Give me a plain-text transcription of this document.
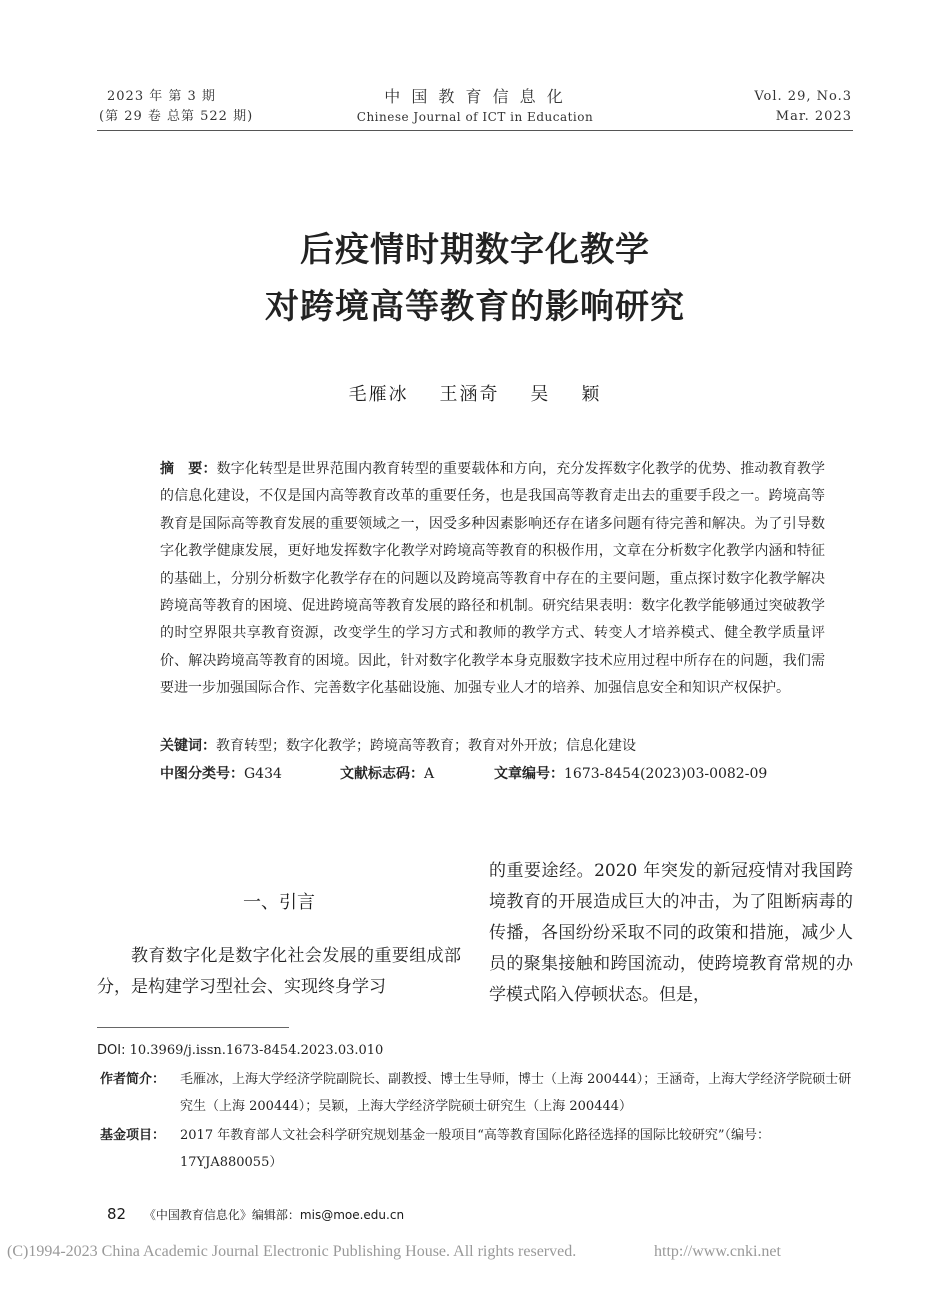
2023 年 第 3 期
(第 29 卷 总第 522 期)
中 国 教 育 信 息 化
Chinese Journal of ICT in Education
Vol. 29, No.3
Mar. 2023
后疫情时期数字化教学
对跨境高等教育的影响研究
毛雁冰    王涵奇    吴    颖
摘　要：数字化转型是世界范围内教育转型的重要载体和方向，充分发挥数字化教学的优势、推动教育教学的信息化建设，不仅是国内高等教育改革的重要任务，也是我国高等教育走出去的重要手段之一。跨境高等教育是国际高等教育发展的重要领域之一，因受多种因素影响还存在诸多问题有待完善和解决。为了引导数字化教学健康发展，更好地发挥数字化教学对跨境高等教育的积极作用，文章在分析数字化教学内涵和特征的基础上，分别分析数字化教学存在的问题以及跨境高等教育中存在的主要问题，重点探讨数字化教学解决跨境高等教育的困境、促进跨境高等教育发展的路径和机制。研究结果表明：数字化教学能够通过突破教学的时空界限共享教育资源，改变学生的学习方式和教师的教学方式、转变人才培养模式、健全教学质量评价、解决跨境高等教育的困境。因此，针对数字化教学本身克服数字技术应用过程中所存在的问题，我们需要进一步加强国际合作、完善数字化基础设施、加强专业人才的培养、加强信息安全和知识产权保护。
关键词：教育转型；数字化教学；跨境高等教育；教育对外开放；信息化建设
中图分类号：G434	文献标志码：A	文章编号：1673-8454(2023)03-0082-09
一、引言
教育数字化是数字化社会发展的重要组成部分，是构建学习型社会、实现终身学习
的重要途经。2020 年突发的新冠疫情对我国跨境教育的开展造成巨大的冲击，为了阻断病毒的传播，各国纷纷采取不同的政策和措施，减少人员的聚集接触和跨国流动，使跨境教育常规的办学模式陷入停顿状态。但是，
DOI: 10.3969/j.issn.1673-8454.2023.03.010
作者简介： 毛雁冰，上海大学经济学院副院长、副教授、博士生导师，博士（上海 200444）；王涵奇，上海大学经济学院硕士研究生（上海 200444）；吴颖，上海大学经济学院硕士研究生（上海 200444）
基金项目： 2017 年教育部人文社会科学研究规划基金一般项目“高等教育国际化路径选择的国际比较研究”（编号：17YJA880055）
82 《中国教育信息化》编辑部：mis@moe.edu.cn
(C)1994-2023 China Academic Journal Electronic Publishing House. All rights reserved.	http://www.cnki.net
